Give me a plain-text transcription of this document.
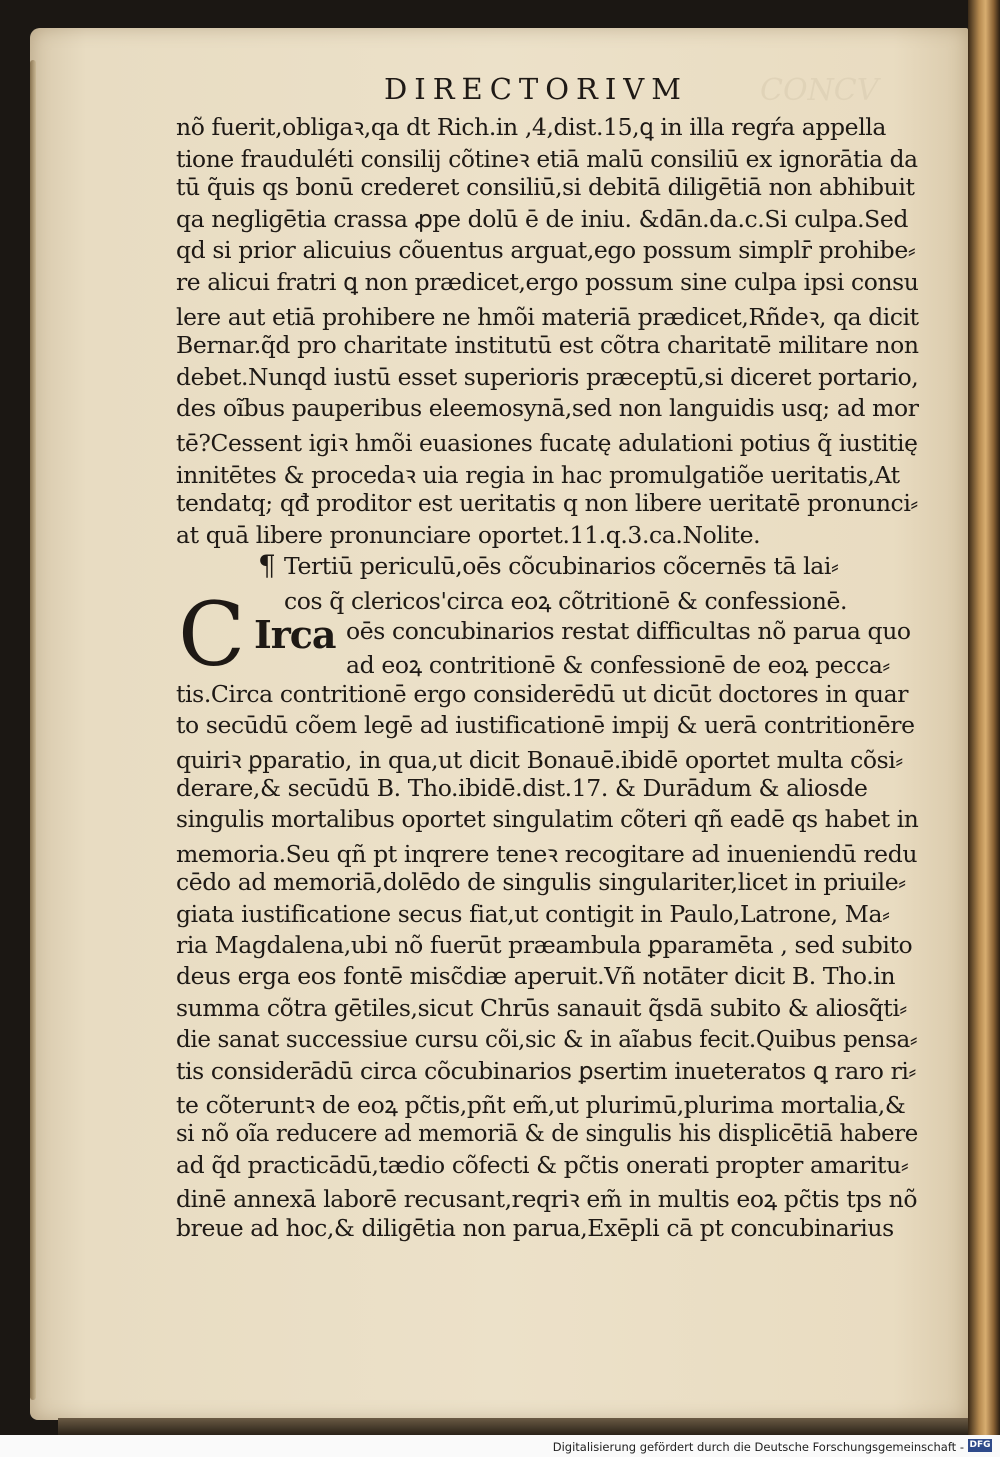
CONCV
DIRECTORIVM
nõ fuerit,obligaꝛ,qa dt Rich.in ,4,dist.15,ꝗ in illa regŕa appella
tione frauduléti consilij cõtineꝛ etiā malū consiliū ex ignorātia da
tū q̃uis qs bonū crederet consiliū,si debitā diligētiā non abhibuit
qa negligētia crassa ꝓpe dolū ē de iniu. &dān.da.c.Si culpa.Sed
qd si prior alicuius cõuentus arguat,ego possum simplr̄ prohibe⸗
re alicui fratri ꝗ non prædicet,ergo possum sine culpa ipsi consu
lere aut etiā prohibere ne hmõi materiā prædicet,Rñdeꝛ, qa dicit
Bernar.q̃d pro charitate institutū est cõtra charitatē militare non
debet.Nunqd iustū esset superioris præceptū,si diceret portario,
des oĩbus pauperibus eleemosynā,sed non languidis usq; ad mor
tē?Cessent igiꝛ hmõi euasiones fucatę adulationi potius q̃ iustitię
innitētes & procedaꝛ uia regia in hac promulgatiõe ueritatis,At
tendatq; qđ proditor est ueritatis q non libere ueritatē pronunci⸗
at quā libere pronunciare oportet.11.q.3.ca.Nolite.
¶ Tertiū periculū,oēs cõcubinarios cõcernēs tā lai⸗
cos q̃ clericos'circa eoꝝ cõtritionē & confessionē.
C Irca oēs concubinarios restat difficultas nõ parua quo
ad eoꝝ contritionē & confessionē de eoꝝ pecca⸗
tis.Circa contritionē ergo considerēdū ut dicūt doctores in quar
to secūdū cõem legē ad iustificationē impij & uerā contritionēre
quiriꝛ ꝑparatio, in qua,ut dicit Bonauē.ibidē oportet multa cõsi⸗
derare,& secūdū B. Tho.ibidē.dist.17. & Durādum & aliosde
singulis mortalibus oportet singulatim cõteri qñ eadē qs habet in
memoria.Seu qñ pt inqrere teneꝛ recogitare ad inueniendū redu
cēdo ad memoriā,dolēdo de singulis singulariter,licet in priuile⸗
giata iustificatione secus fiat,ut contigit in Paulo,Latrone, Ma⸗
ria Magdalena,ubi nõ fuerūt præambula ꝑparamēta , sed subito
deus erga eos fontē misc̃diæ aperuit.Vñ notāter dicit B. Tho.in
summa cõtra gētiles,sicut Chrūs sanauit q̃sdā subito & aliosq̃ti⸗
die sanat successiue cursu cõi,sic & in aĩabus fecit.Quibus pensa⸗
tis considerādū circa cõcubinarios ꝑsertim inueteratos ꝗ raro ri⸗
te cõteruntꝛ de eoꝝ pc̃tis,pñt em̃,ut plurimū,plurima mortalia,&
si nõ oĩa reducere ad memoriā & de singulis his displicētiā habere
ad q̃d practicādū,tædio cõfecti & pc̃tis onerati propter amaritu⸗
dinē annexā laborē recusant,reqriꝛ em̃ in multis eoꝝ pc̃tis tps nõ
breue ad hoc,& diligētia non parua,Exēpli cā pt concubinarius
Digitalisierung gefördert durch die Deutsche Forschungsgemeinschaft - DFG
